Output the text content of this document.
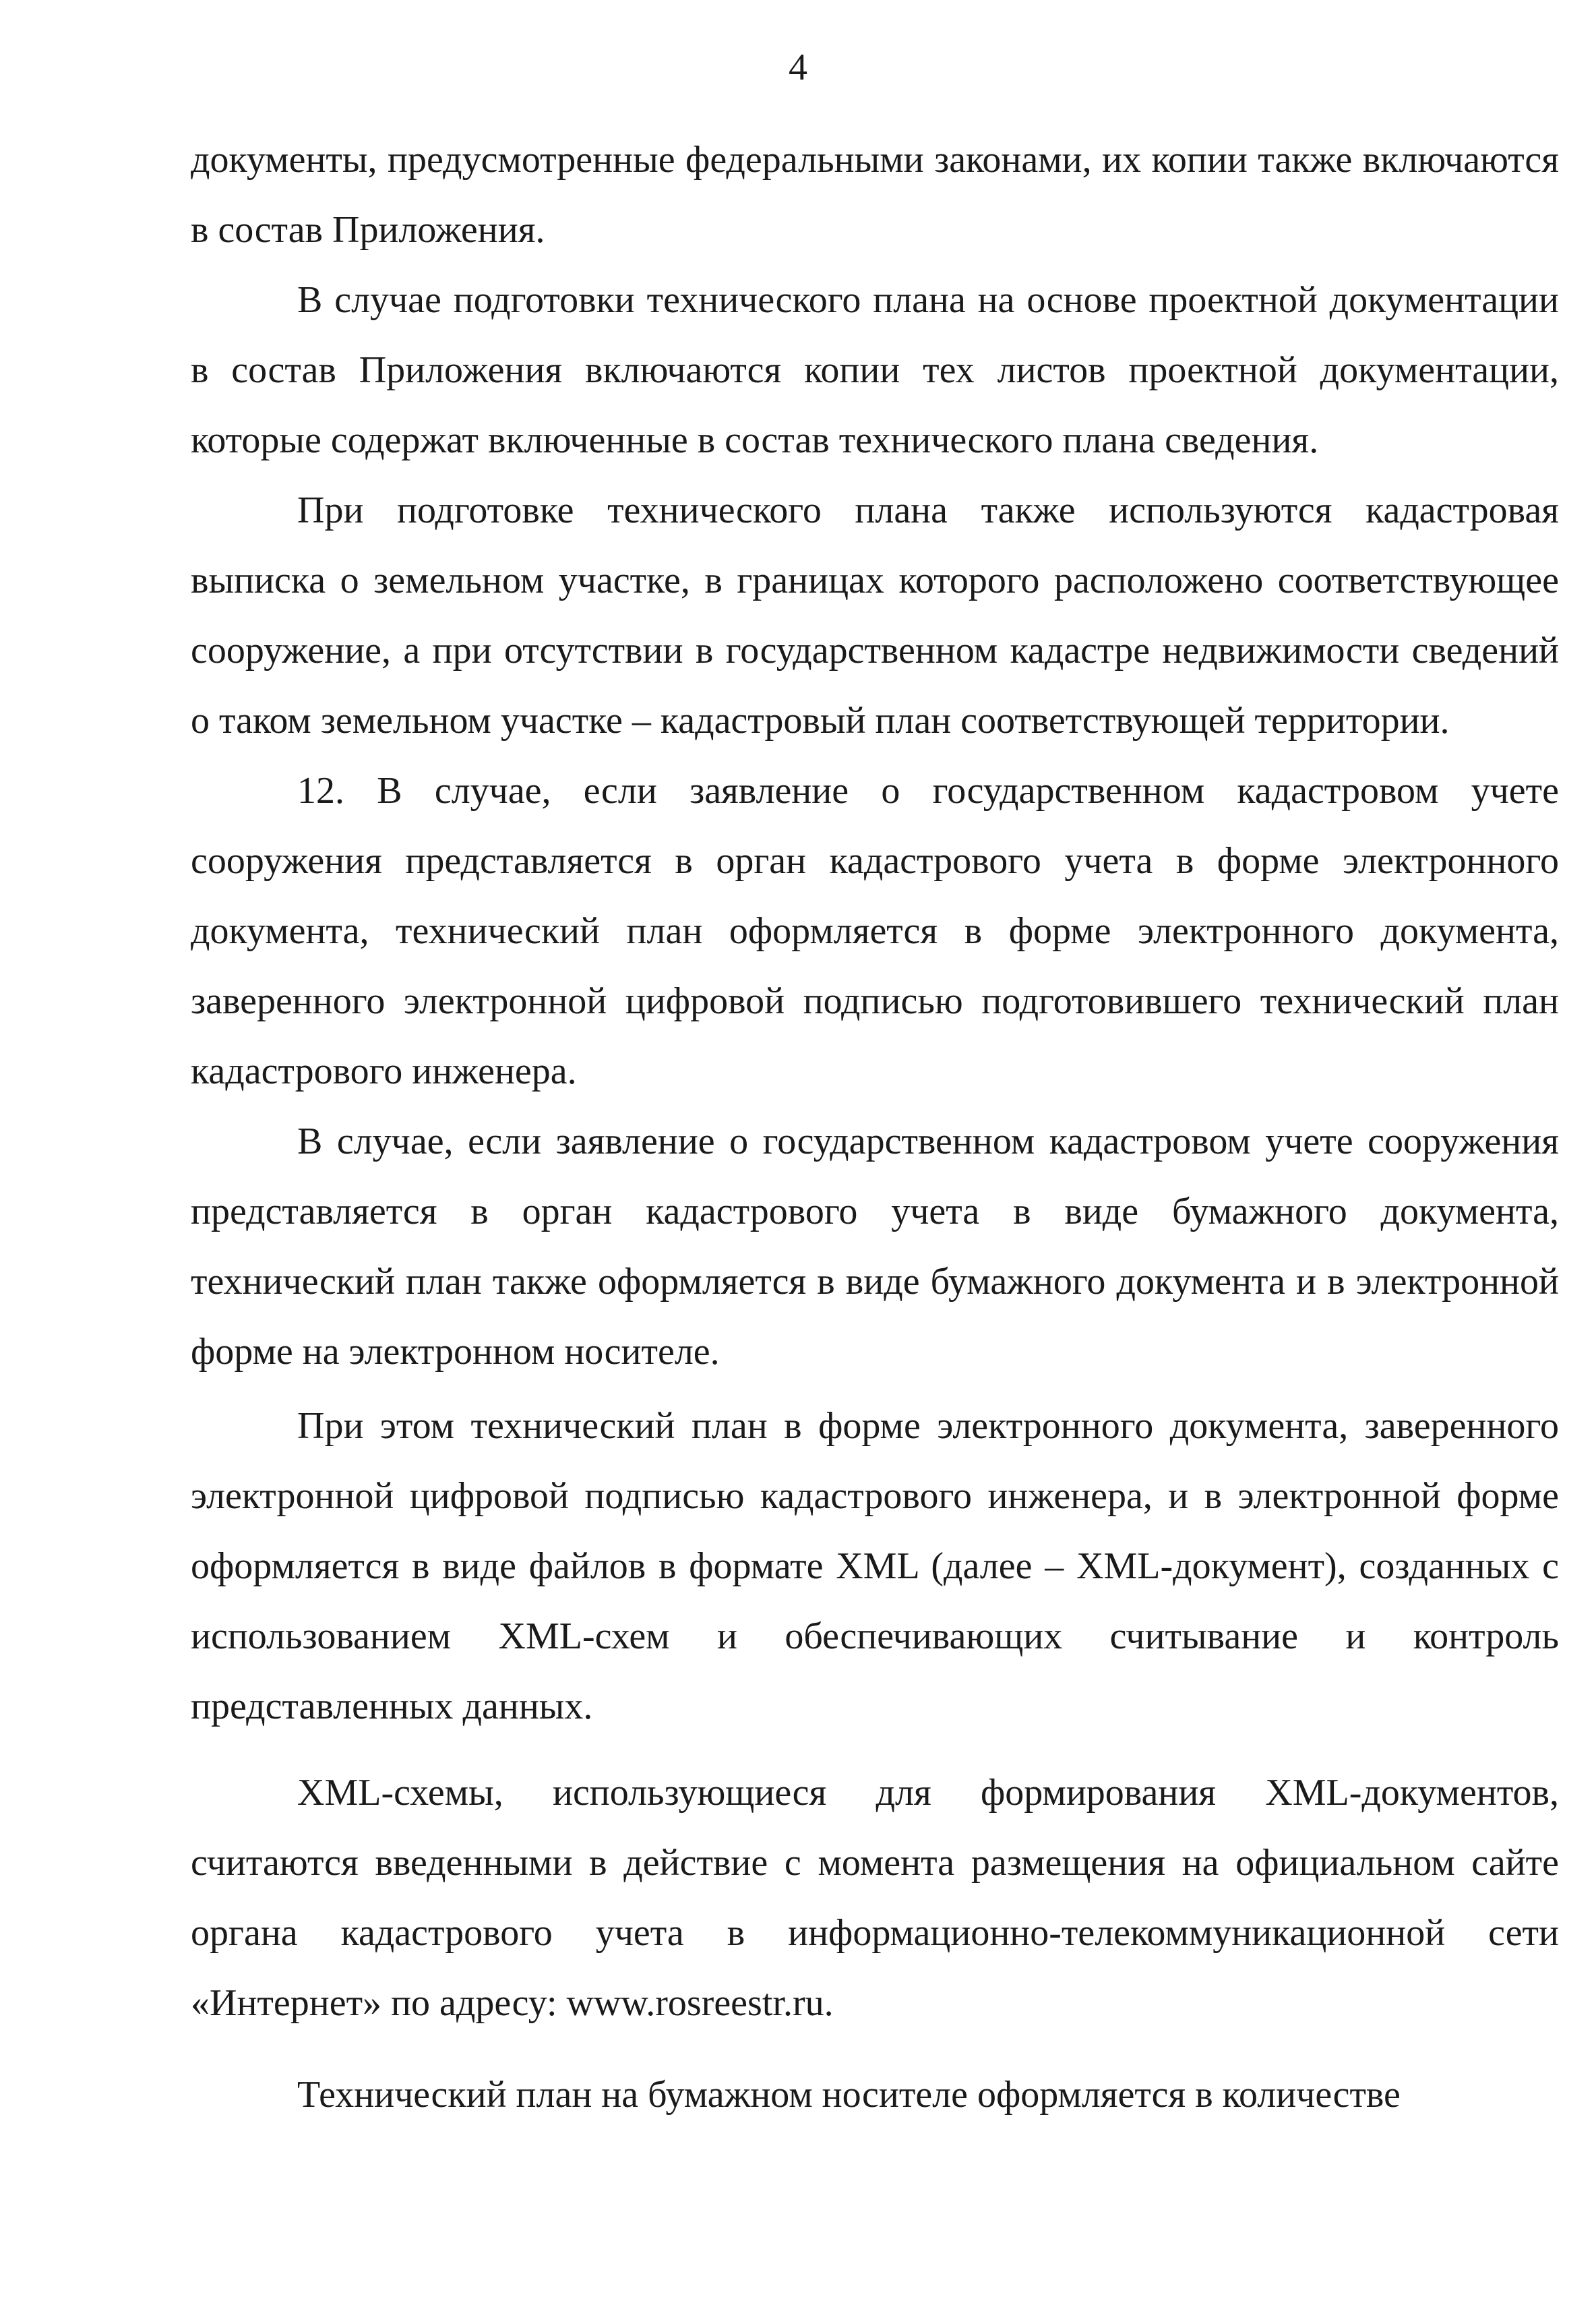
4

документы, предусмотренные федеральными законами, их копии также включаются в состав Приложения.

В случае подготовки технического плана на основе проектной документации в состав Приложения включаются копии тех листов проектной документации, которые содержат включенные в состав технического плана сведения.

При подготовке технического плана также используются кадастровая выписка о земельном участке, в границах которого расположено соответствующее сооружение, а при отсутствии в государственном кадастре недвижимости сведений о таком земельном участке – кадастровый план соответствующей территории.

12. В случае, если заявление о государственном кадастровом учете сооружения представляется в орган кадастрового учета в форме электронного документа, технический план оформляется в форме электронного документа, заверенного электронной цифровой подписью подготовившего технический план кадастрового инженера.

В случае, если заявление о государственном кадастровом учете сооружения представляется в орган кадастрового учета в виде бумажного документа, технический план также оформляется в виде бумажного документа и в электронной форме на электронном носителе.

При этом технический план в форме электронного документа, заверенного электронной цифровой подписью кадастрового инженера, и в электронной форме оформляется в виде файлов в формате XML (далее – XML-документ), созданных с использованием XML-схем и обеспечивающих считывание и контроль представленных данных.

XML-схемы, использующиеся для формирования XML-документов, считаются введенными в действие с момента размещения на официальном сайте органа кадастрового учета в информационно-телекоммуникационной сети «Интернет» по адресу: www.rosreestr.ru.

Технический план на бумажном носителе оформляется в количестве
